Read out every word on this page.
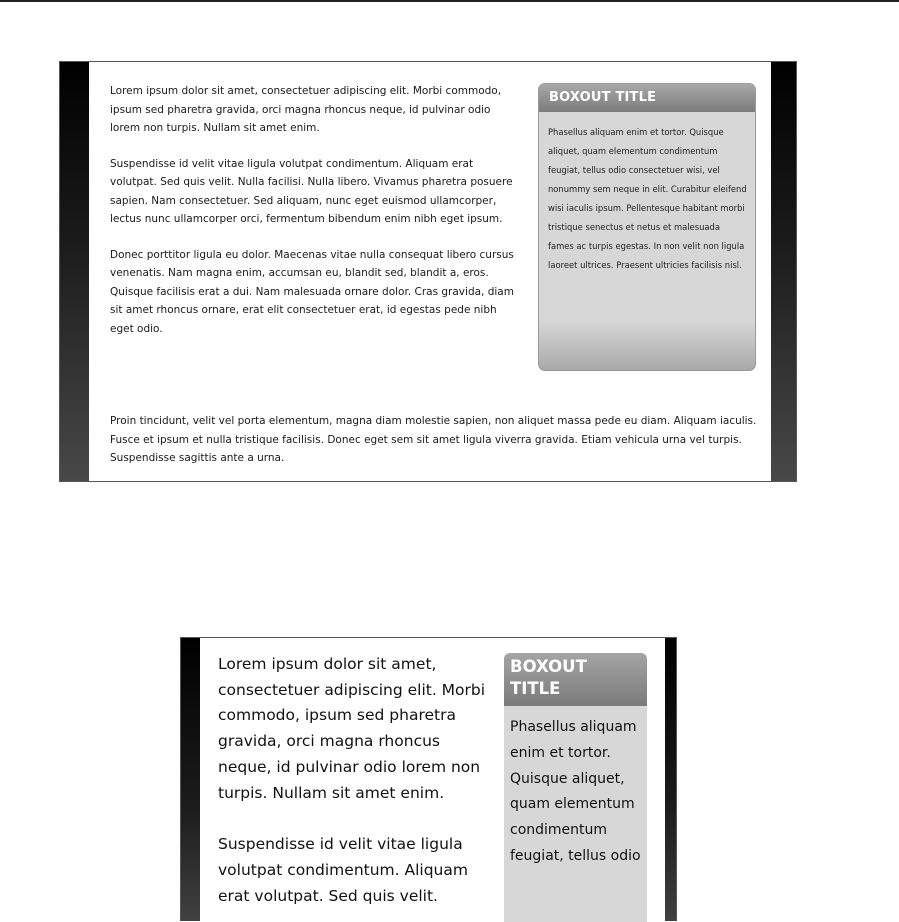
Lorem ipsum dolor sit amet, consectetuer adipiscing elit. Morbi commodo, ipsum sed pharetra gravida, orci magna rhoncus neque, id pulvinar odio lorem non turpis. Nullam sit amet enim.

Suspendisse id velit vitae ligula volutpat condimentum. Aliquam erat volutpat. Sed quis velit. Nulla facilisi. Nulla libero. Vivamus pharetra posuere sapien. Nam consectetuer. Sed aliquam, nunc eget euismod ullamcorper, lectus nunc ullamcorper orci, fermentum bibendum enim nibh eget ipsum.

Donec porttitor ligula eu dolor. Maecenas vitae nulla consequat libero cursus venenatis. Nam magna enim, accumsan eu, blandit sed, blandit a, eros. Quisque facilisis erat a dui. Nam malesuada ornare dolor. Cras gravida, diam sit amet rhoncus ornare, erat elit consectetuer erat, id egestas pede nibh eget odio.

BOXOUT TITLE
Phasellus aliquam enim et tortor. Quisque aliquet, quam elementum condimentum feugiat, tellus odio consectetuer wisi, vel nonummy sem neque in elit. Curabitur eleifend wisi iaculis ipsum. Pellentesque habitant morbi tristique senectus et netus et malesuada fames ac turpis egestas. In non velit non ligula laoreet ultrices. Praesent ultricies facilisis nisl.

Proin tincidunt, velit vel porta elementum, magna diam molestie sapien, non aliquet massa pede eu diam. Aliquam iaculis. Fusce et ipsum et nulla tristique facilisis. Donec eget sem sit amet ligula viverra gravida. Etiam vehicula urna vel turpis. Suspendisse sagittis ante a urna.

Lorem ipsum dolor sit amet, consectetuer adipiscing elit. Morbi commodo, ipsum sed pharetra gravida, orci magna rhoncus neque, id pulvinar odio lorem non turpis. Nullam sit amet enim.

Suspendisse id velit vitae ligula volutpat condimentum. Aliquam erat volutpat. Sed quis velit.

BOXOUT TITLE
Phasellus aliquam enim et tortor. Quisque aliquet, quam elementum condimentum feugiat, tellus odio
